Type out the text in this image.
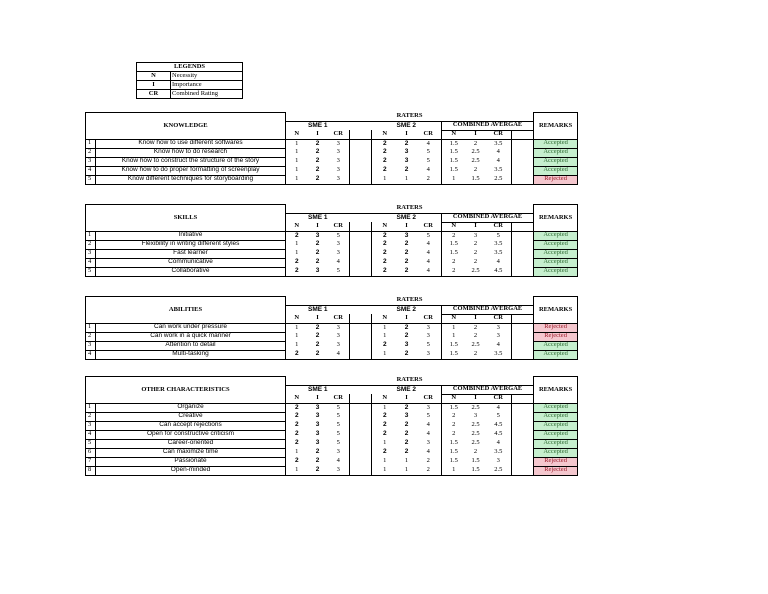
LEGENDS	
N	Necessity
I	Importance
CR	Combined Rating
KNOWLEDGE		RATERS											REMARKS
		SME 1				SME 2			COMBINED AVERGAE				
		N	I	CR		N	I	CR	N	I	CR		
1	Know how to use different softwares	1	2	3		2	2	4	1.5	2	3.5		Accepted
2	Know how to do research	1	2	3		2	3	5	1.5	2.5	4		Accepted
3	Know how to construct the structure of the story	1	2	3		2	3	5	1.5	2.5	4		Accepted
4	Know how to do proper formatting of screenplay	1	2	3		2	2	4	1.5	2	3.5		Accepted
5	Know different techniques for storyboarding	1	2	3		1	1	2	1	1.5	2.5		Rejected
SKILLS		RATERS											REMARKS
		SME 1				SME 2			COMBINED AVERGAE				
		N	I	CR		N	I	CR	N	I	CR		
1	Initiative	2	3	5		2	3	5	2	3	5		Accepted
2	Flexibility in writing different styles	1	2	3		2	2	4	1.5	2	3.5		Accepted
3	Fast learner	1	2	3		2	2	4	1.5	2	3.5		Accepted
4	Communicative	2	2	4		2	2	4	2	2	4		Accepted
5	Collaborative	2	3	5		2	2	4	2	2.5	4.5		Accepted
ABILITIES		RATERS											REMARKS
		SME 1				SME 2			COMBINED AVERGAE				
		N	I	CR		N	I	CR	N	I	CR		
1	Can work under pressure	1	2	3		1	2	3	1	2	3		Rejected
2	Can work in a quick manner	1	2	3		1	2	3	1	2	3		Rejected
3	Attention to detail	1	2	3		2	3	5	1.5	2.5	4		Accepted
4	Multi-tasking	2	2	4		1	2	3	1.5	2	3.5		Accepted
OTHER CHARACTERISTICS		RATERS											REMARKS
		SME 1				SME 2			COMBINED AVERGAE				
		N	I	CR		N	I	CR	N	I	CR		
1	Organize	2	3	5		1	2	3	1.5	2.5	4		Accepted
2	Creative	2	3	5		2	3	5	2	3	5		Accepted
3	Can accept rejections	2	3	5		2	2	4	2	2.5	4.5		Accepted
4	Open for constructive criticism	2	3	5		2	2	4	2	2.5	4.5		Accepted
5	Career-oriented	2	3	5		1	2	3	1.5	2.5	4		Accepted
6	Can maximize time	1	2	3		2	2	4	1.5	2	3.5		Accepted
7	Passionate	2	2	4		1	1	2	1.5	1.5	3		Rejected
8	Open-minded	1	2	3		1	1	2	1	1.5	2.5		Rejected
